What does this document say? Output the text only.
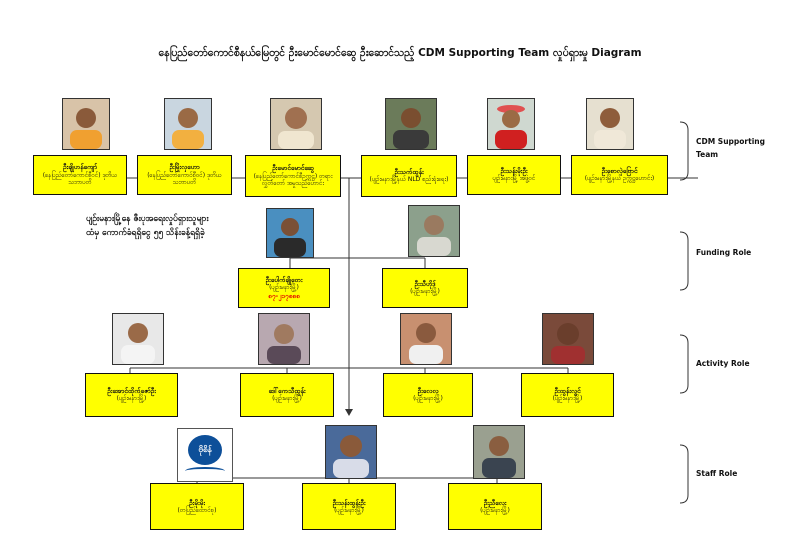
နေပြည်တော်ကောင်စီနယ်မြေတွင် ဦးမောင်မောင်ဆွေ ဦးဆောင်သည့် CDM Supporting Team လှုပ်ရှားမှု Diagram
ဦးချိုဟန်ကျော်
(နေပြည်တော်ကောင်စီဝင်) ဒုတိယသဘာပတိ
ဦးမြိုးလှဟော
(နေပြည်တော်ကောင်စီဝင်) ဒုတိယသဘာပတိ
ဦးမောင်မောင်ဆွေ
(နေပြည်တော်ကောင်စီဥက္ကဋ္ဌ) တရားလွှတ်တော် အမှုသည်ဟောင်း
ဦးသက်ထွန်း
(ပျဉ်းမနားမြို့နယ် NLD စည်းရုံးရေး)
ဦးသန်းမိုးဦး
ပျဉ်းမနားမြို့ အဖွဲ့ဝင်
ဦးစောလှဲဗြောင်
(ပျဉ်းမနားမြို့နယ် ဥက္ကဋ္ဌဟောင်း)
ပျဉ်းမနားမြို့နေ ဇီးပုအရေးလှုပ်ရှားသူများ
ထံမှ ကောက်ခံရရှိငွေ ၅၅ သိန်းခန့်ရရှိခဲ့
ဦးပေါက်ချိုတေး
(ပျဉ်းမနားမြို့)
၈၇-၂၁၇၈၈၈
ဦးသီဟိုဒ်
(ပျဉ်းမနားမြို့)
ဦးအောင်ထိုက်ဇော်ဦး
(ပျဉ်းမနားမြို့)
ဒေါ်ကေသီထွန်း
(ပျဉ်းမနားမြို့)
ဦးလေလ
(ပျဉ်းမနားမြို့)
ဦးထွန်းလွင်
(ပျဉ်းမနားမြို့)
ဗိုစိန်
ဦးမိုးမိုး
(တပြည်ထောင်စု)
ဦးသန်းထွန်းဦး
(ပျဉ်းမနားမြို့)
ဦးညီလေး
(ပျဉ်းမနားမြို့)
CDM Supporting Team
Funding Role
Activity Role
Staff Role
